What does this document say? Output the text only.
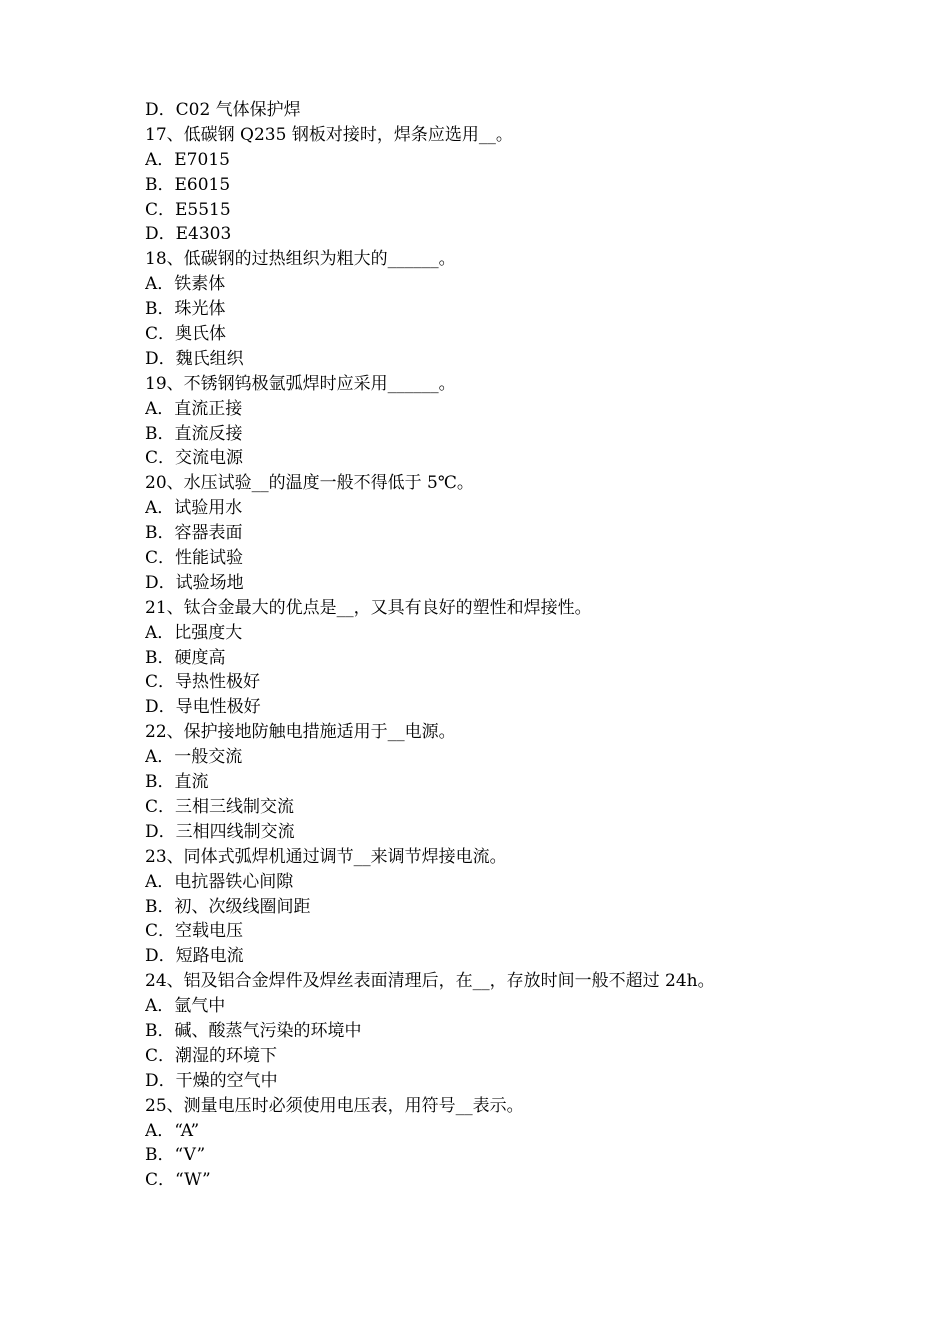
D．C02 气体保护焊
17、低碳钢 Q235 钢板对接时，焊条应选用__。
A．E7015
B．E6015
C．E5515
D．E4303
18、低碳钢的过热组织为粗大的______。
A．铁素体
B．珠光体
C．奥氏体
D．魏氏组织
19、不锈钢钨极氩弧焊时应采用______。
A．直流正接
B．直流反接
C．交流电源
20、水压试验__的温度一般不得低于 5℃。
A．试验用水
B．容器表面
C．性能试验
D．试验场地
21、钛合金最大的优点是__，又具有良好的塑性和焊接性。
A．比强度大
B．硬度高
C．导热性极好
D．导电性极好
22、保护接地防触电措施适用于__电源。
A．一般交流
B．直流
C．三相三线制交流
D．三相四线制交流
23、同体式弧焊机通过调节__来调节焊接电流。
A．电抗器铁心间隙
B．初、次级线圈间距
C．空载电压
D．短路电流
24、铝及铝合金焊件及焊丝表面清理后，在__，存放时间一般不超过 24h。
A．氩气中
B．碱、酸蒸气污染的环境中
C．潮湿的环境下
D．干燥的空气中
25、测量电压时必须使用电压表，用符号__表示。
A．“A”
B．“V”
C．“W”
